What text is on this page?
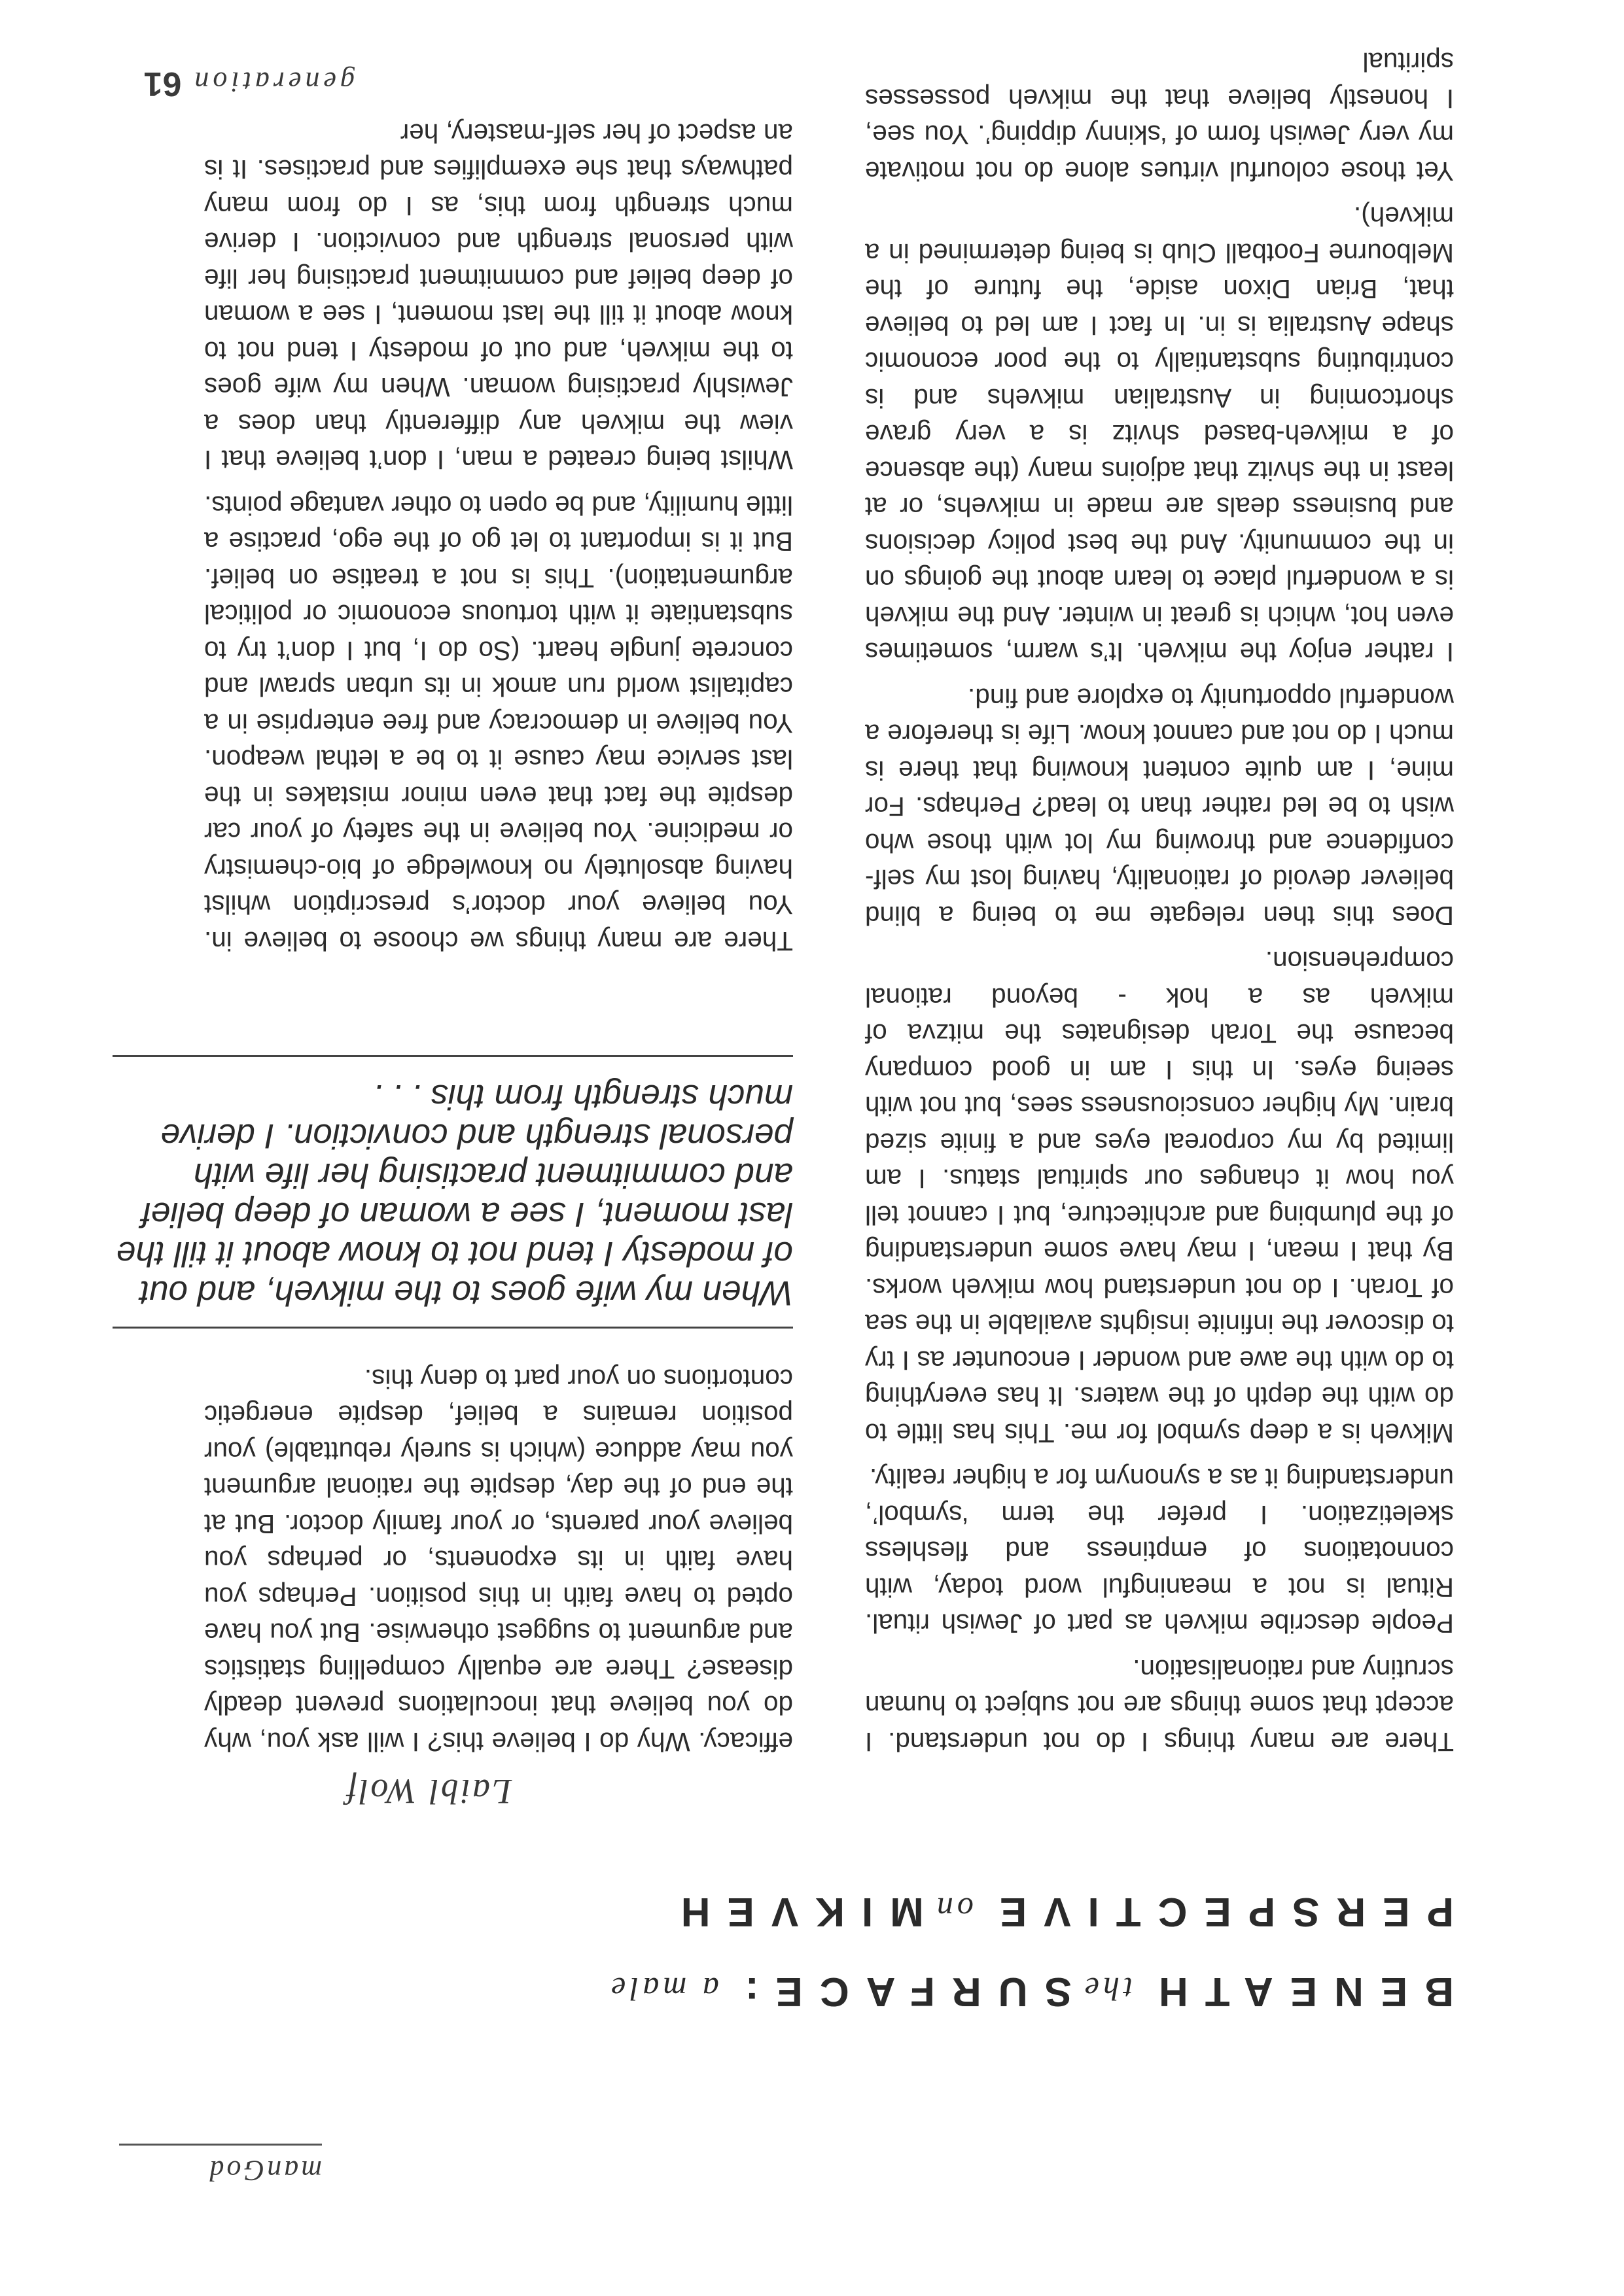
manGod
BENEATHtheSURFACE:a male
PERSPECTIVEonMIKVEH
Laibl Wolf

There are many things I do not understand. I accept that some things are not subject to human scrutiny and rationalisation.

People describe mikveh as part of Jewish ritual. Ritual is not a meaningful word today, with connotations of emptiness and fleshless skeletization. I prefer the term ‘symbol’, understanding it as a synonym for a higher reality.

Mikveh is a deep symbol for me. This has little to do with the depth of the waters. It has everything to do with the awe and wonder I encounter as I try to discover the infinite insights available in the sea of Torah. I do not understand how mikveh works. By that I mean, I may have some understanding of the plumbing and architecture, but I cannot tell you how it changes our spiritual status. I am limited by my corporeal eyes and a finite sized brain. My higher consciousness sees, but not with seeing eyes. In this I am in good company because the Torah designates the mitzva of mikveh as a hok - beyond rational comprehension.

Does this then relegate me to being a blind believer devoid of rationality, having lost my self-confidence and throwing my lot with those who wish to be led rather than to lead? Perhaps. For mine, I am quite content knowing that there is much I do not and cannot know. Life is therefore a wonderful opportunity to explore and find.

I rather enjoy the mikveh. It’s warm, sometimes even hot, which is great in winter. And the mikveh is a wonderful place to learn about the goings on in the community. And the best policy decisions and business deals are made in mikvehs, or at least in the shvitz that adjoins many (the absence of a mikveh-based shvitz is a very grave shortcoming in Australian mikvehs and is contributing substantially to the poor economic shape Australia is in. In fact I am led to believe that, Brian Dixon aside, the future of the Melbourne Football Club is being determined in a mikveh).

Yet those colourful virtues alone do not motivate my very Jewish form of ‘skinny dipping’. You see, I honestly believe that the mikveh possesses spiritual

efficacy. Why do I believe this? I will ask you, why do you believe that inoculations prevent deadly disease? There are equally compelling statistics and argument to suggest otherwise. But you have opted to have faith in this position. Perhaps you have faith in its exponents, or perhaps you believe your parents, or your family doctor. But at the end of the day, despite the rational argument you may adduce (which is surely rebuttable) your position remains a belief, despite energetic contortions on your part to deny this.

When my wife goes to the mikveh, and out of modesty I tend not to know about it till the last moment, I see a woman of deep belief and commitment practising her life with personal strength and conviction. I derive much strength from this . . .

There are many things we choose to believe in. You believe your doctor’s prescription whilst having absolutely no knowledge of bio-chemistry or medicine. You believe in the safety of your car despite the fact that even minor mistakes in the last service may cause it to be a lethal weapon. You believe in democracy and free enterprise in a capitalist world run amok in its urban sprawl and concrete jungle heart. (So do I, but I don’t try to substantiate it with tortuous economic or political argumentation). This is not a treatise on belief. But it is important to let go of the ego, practise a little humility, and be open to other vantage points.

Whilst being created a man, I don’t believe that I view the mikveh any differently than does a Jewishly practising woman. When my wife goes to the mikveh, and out of modesty I tend not to know about it till the last moment, I see a woman of deep belief and commitment practising her life with personal strength and conviction. I derive much strength from this, as I do from many pathways that she exemplifies and practises. It is an aspect of her self-mastery, her

generation61
